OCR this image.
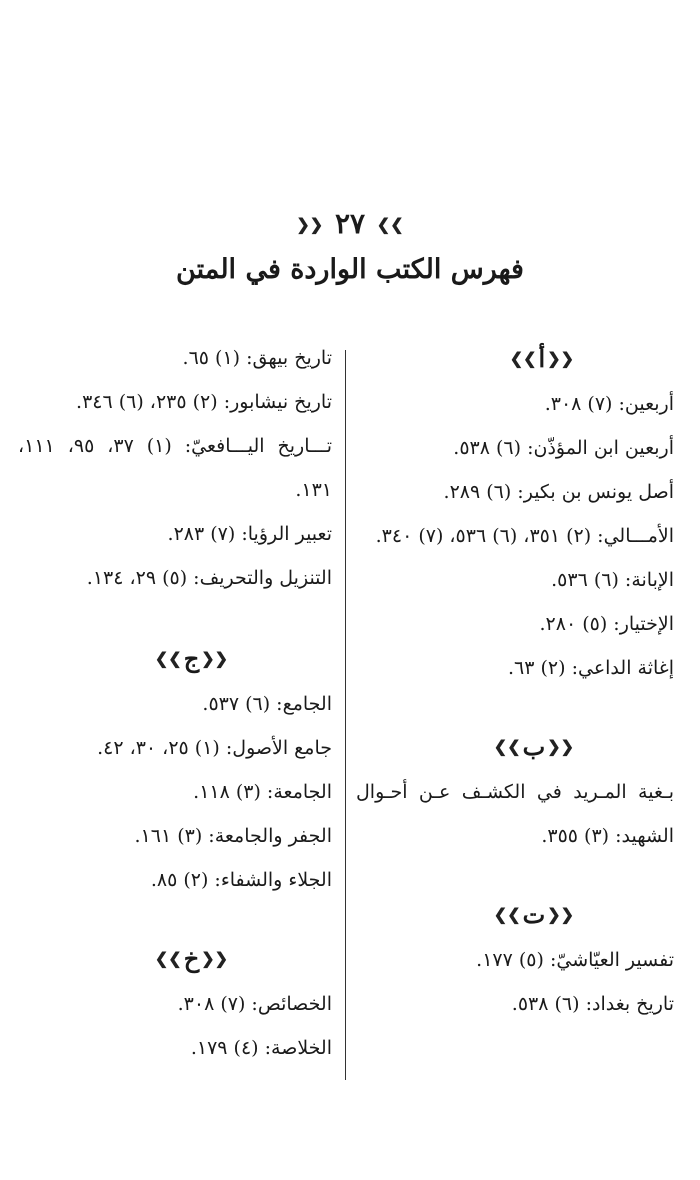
❯❯ ٢٧ ❮❮
فهرس الكتب الواردة في المتن
❮❮أ❯❯
أربعين: (٧) ٣٠٨.
أربعين ابن المؤذّن: (٦) ٥٣٨.
أصل يونس بن بكير: (٦) ٢٨٩.
الأمـــالي: (٢) ٣٥١، (٦) ٥٣٦، (٧) ٣٤٠.
الإبانة: (٦) ٥٣٦.
الإختيار: (٥) ٢٨٠.
إغاثة الداعي: (٢) ٦٣.
❮❮ب❯❯
بـغية المـريد في الكشـف عـن أحـوال الشهيد: (٣) ٣٥٥.
❮❮ت❯❯
تفسير العيّاشيّ: (٥) ١٧٧.
تاريخ بغداد: (٦) ٥٣٨.
تاريخ بيهق: (١) ٦٥.
تاريخ نيشابور: (٢) ٢٣٥، (٦) ٣٤٦.
تـــاريخ اليـــافعيّ: (١) ٣٧، ٩٥، ١١١، ١٣١.
تعبير الرؤيا: (٧) ٢٨٣.
التنزيل والتحريف: (٥) ٢٩، ١٣٤.
❮❮ج❯❯
الجامع: (٦) ٥٣٧.
جامع الأصول: (١) ٢٥، ٣٠، ٤٢.
الجامعة: (٣) ١١٨.
الجفر والجامعة: (٣) ١٦١.
الجلاء والشفاء: (٢) ٨٥.
❮❮خ❯❯
الخصائص: (٧) ٣٠٨.
الخلاصة: (٤) ١٧٩.
